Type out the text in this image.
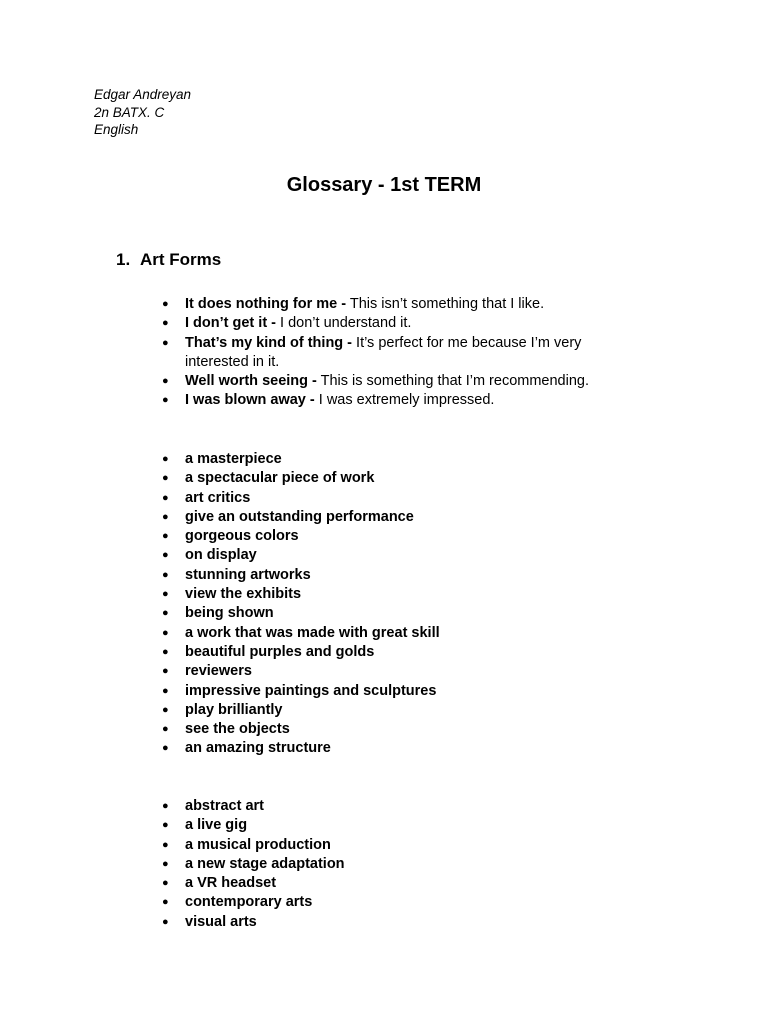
Edgar Andreyan
2n BATX. C
English
Glossary - 1st TERM
1. Art Forms
● It does nothing for me - This isn’t something that I like.
● I don’t get it - I don’t understand it.
● That’s my kind of thing - It’s perfect for me because I’m very interested in it.
● Well worth seeing - This is something that I’m recommending.
● I was blown away - I was extremely impressed.
● a masterpiece
● a spectacular piece of work
● art critics
● give an outstanding performance
● gorgeous colors
● on display
● stunning artworks
● view the exhibits
● being shown
● a work that was made with great skill
● beautiful purples and golds
● reviewers
● impressive paintings and sculptures
● play brilliantly
● see the objects
● an amazing structure
● abstract art
● a live gig
● a musical production
● a new stage adaptation
● a VR headset
● contemporary arts
● visual arts
